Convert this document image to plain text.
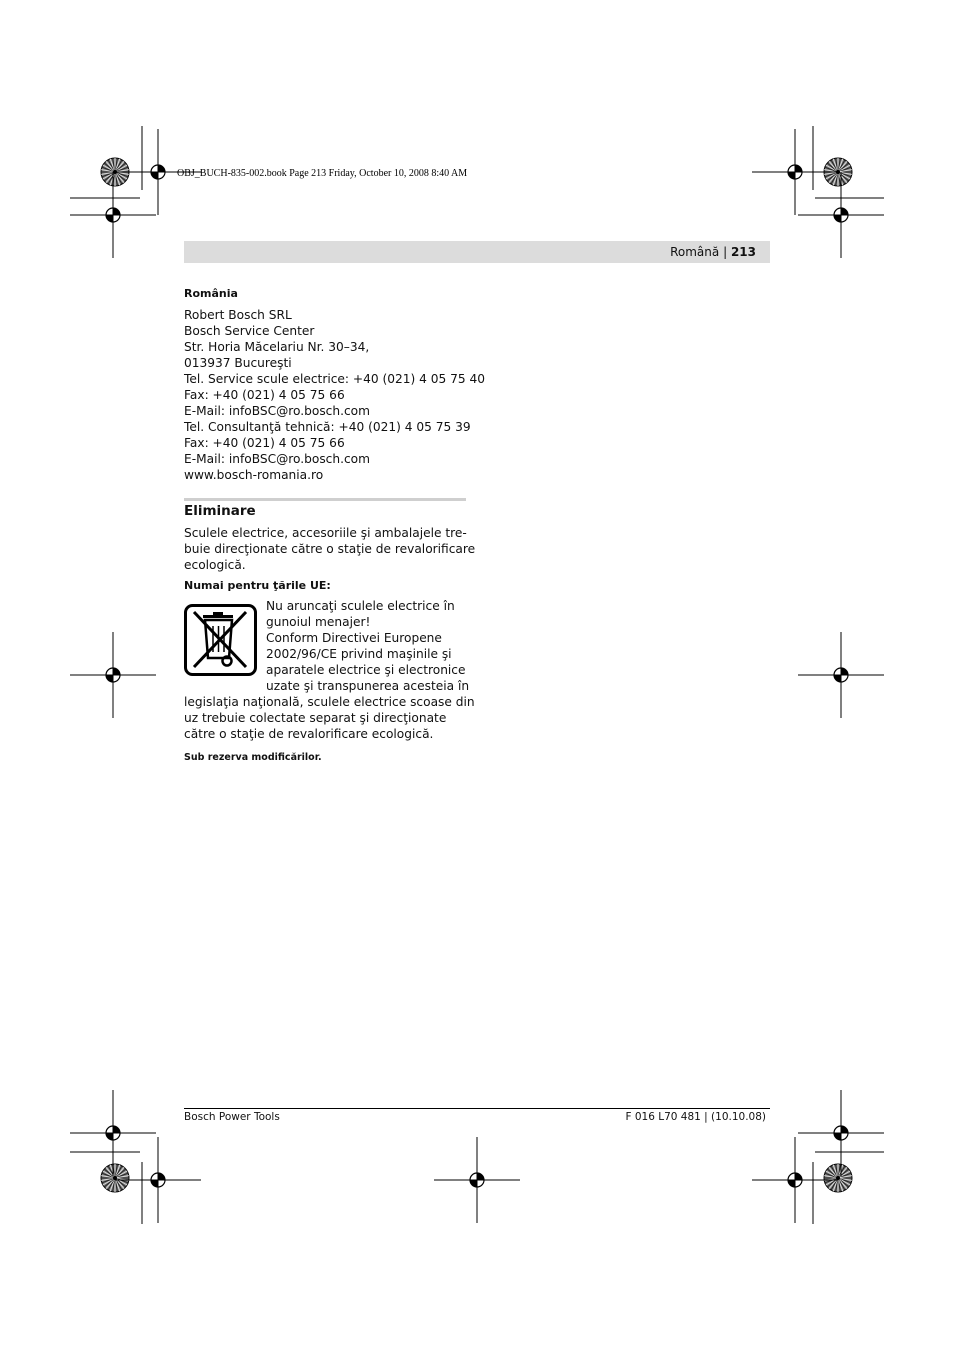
OBJ_BUCH-835-002.book Page 213 Friday, October 10, 2008 8:40 AM
Română | 213
România
Robert Bosch SRL
Bosch Service Center
Str. Horia Măcelariu Nr. 30–34,
013937 Bucureşti
Tel. Service scule electrice: +40 (021) 4 05 75 40
Fax: +40 (021) 4 05 75 66
E-Mail: infoBSC@ro.bosch.com
Tel. Consultanţă tehnică: +40 (021) 4 05 75 39
Fax: +40 (021) 4 05 75 66
E-Mail: infoBSC@ro.bosch.com
www.bosch-romania.ro
Eliminare
Sculele electrice, accesoriile şi ambalajele tre-
buie direcţionate către o staţie de revalorificare
ecologică.
Numai pentru ţările UE:
Nu aruncaţi sculele electrice în
gunoiul menajer!
Conform Directivei Europene
2002/96/CE privind maşinile şi
aparatele electrice şi electronice
uzate şi transpunerea acesteia în
legislaţia naţională, sculele electrice scoase din
uz trebuie colectate separat şi direcţionate
către o staţie de revalorificare ecologică.
Sub rezerva modificărilor.
Bosch Power Tools	F 016 L70 481 | (10.10.08)
